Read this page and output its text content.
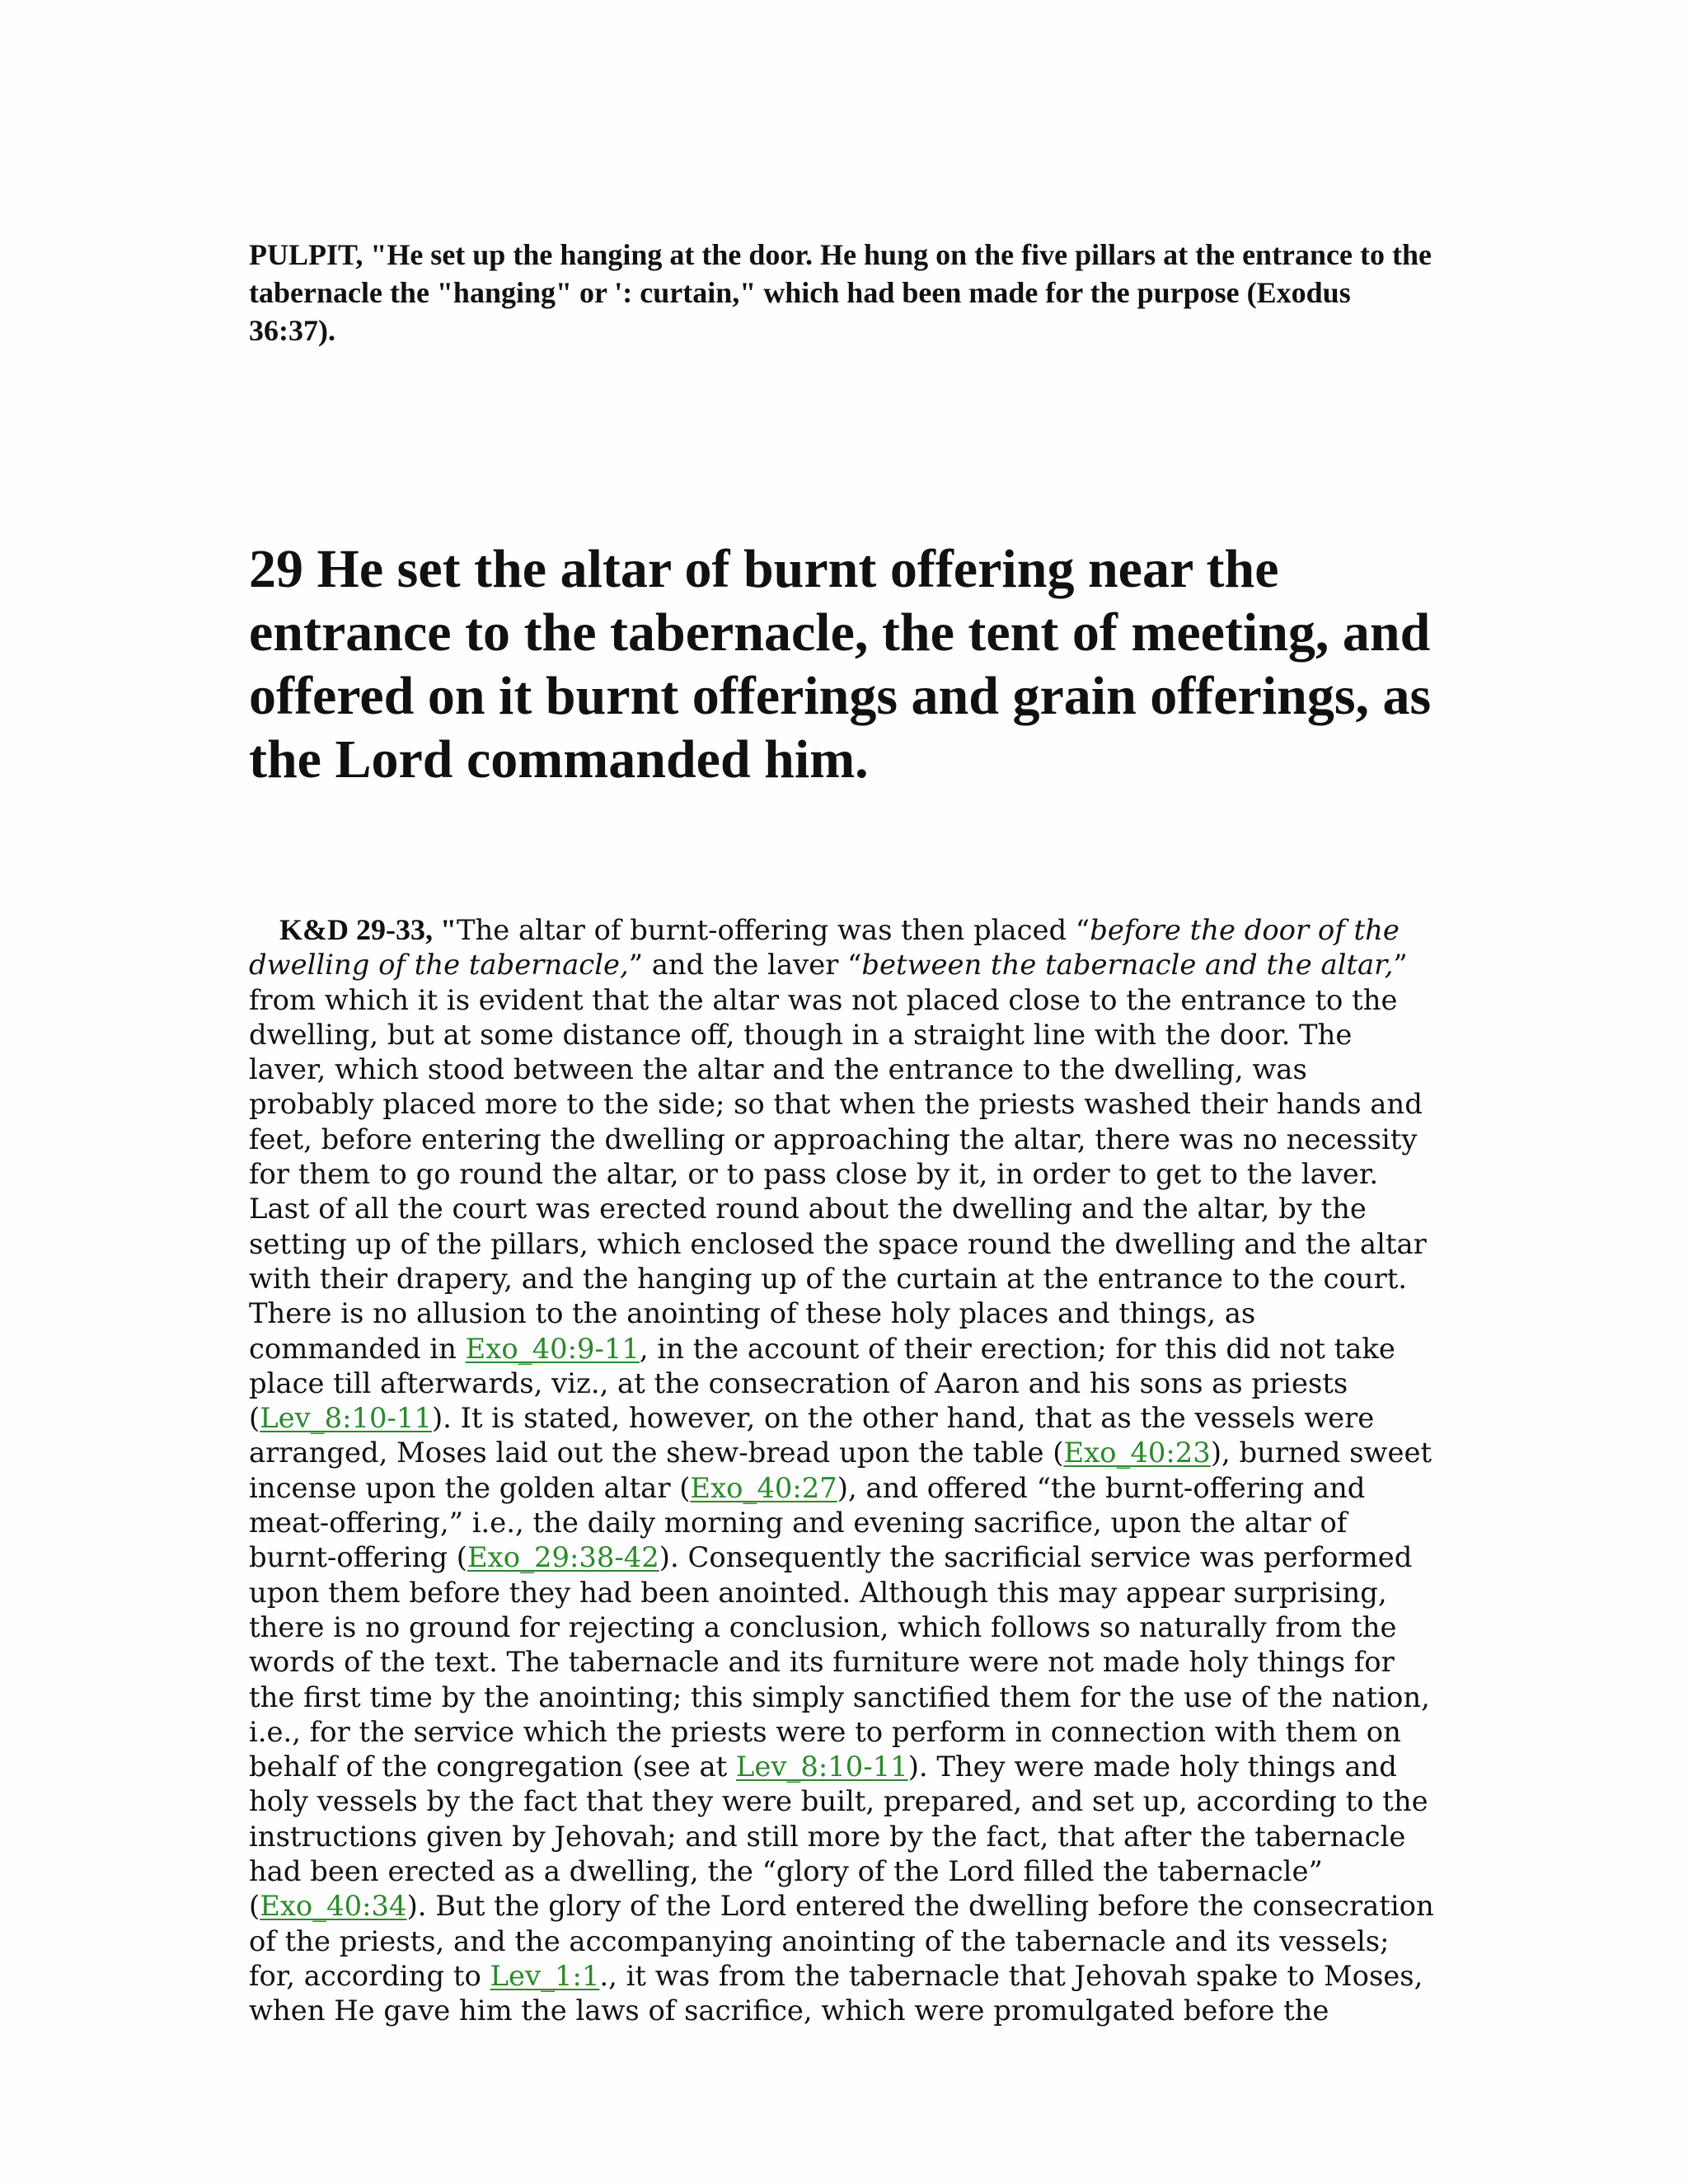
PULPIT, "He set up the hanging at the door. He hung on the five pillars at the entrance to the tabernacle the "hanging" or ': curtain," which had been made for the purpose (Exodus 36:37).

29 He set the altar of burnt offering near the entrance to the tabernacle, the tent of meeting, and offered on it burnt offerings and grain offerings, as the Lord commanded him.

K&D 29-33, "The altar of burnt-offering was then placed “before the door of the dwelling of the tabernacle,” and the laver “between the tabernacle and the altar,” from which it is evident that the altar was not placed close to the entrance to the dwelling, but at some distance off, though in a straight line with the door. The laver, which stood between the altar and the entrance to the dwelling, was probably placed more to the side; so that when the priests washed their hands and feet, before entering the dwelling or approaching the altar, there was no necessity for them to go round the altar, or to pass close by it, in order to get to the laver. Last of all the court was erected round about the dwelling and the altar, by the setting up of the pillars, which enclosed the space round the dwelling and the altar with their drapery, and the hanging up of the curtain at the entrance to the court. There is no allusion to the anointing of these holy places and things, as commanded in Exo_40:9-11, in the account of their erection; for this did not take place till afterwards, viz., at the consecration of Aaron and his sons as priests (Lev_8:10-11). It is stated, however, on the other hand, that as the vessels were arranged, Moses laid out the shew-bread upon the table (Exo_40:23), burned sweet incense upon the golden altar (Exo_40:27), and offered “the burnt-offering and meat-offering,” i.e., the daily morning and evening sacrifice, upon the altar of burnt-offering (Exo_29:38-42). Consequently the sacrificial service was performed upon them before they had been anointed. Although this may appear surprising, there is no ground for rejecting a conclusion, which follows so naturally from the words of the text. The tabernacle and its furniture were not made holy things for the first time by the anointing; this simply sanctified them for the use of the nation, i.e., for the service which the priests were to perform in connection with them on behalf of the congregation (see at Lev_8:10-11). They were made holy things and holy vessels by the fact that they were built, prepared, and set up, according to the instructions given by Jehovah; and still more by the fact, that after the tabernacle had been erected as a dwelling, the “glory of the Lord filled the tabernacle” (Exo_40:34). But the glory of the Lord entered the dwelling before the consecration of the priests, and the accompanying anointing of the tabernacle and its vessels; for, according to Lev_1:1., it was from the tabernacle that Jehovah spake to Moses, when He gave him the laws of sacrifice, which were promulgated before the
